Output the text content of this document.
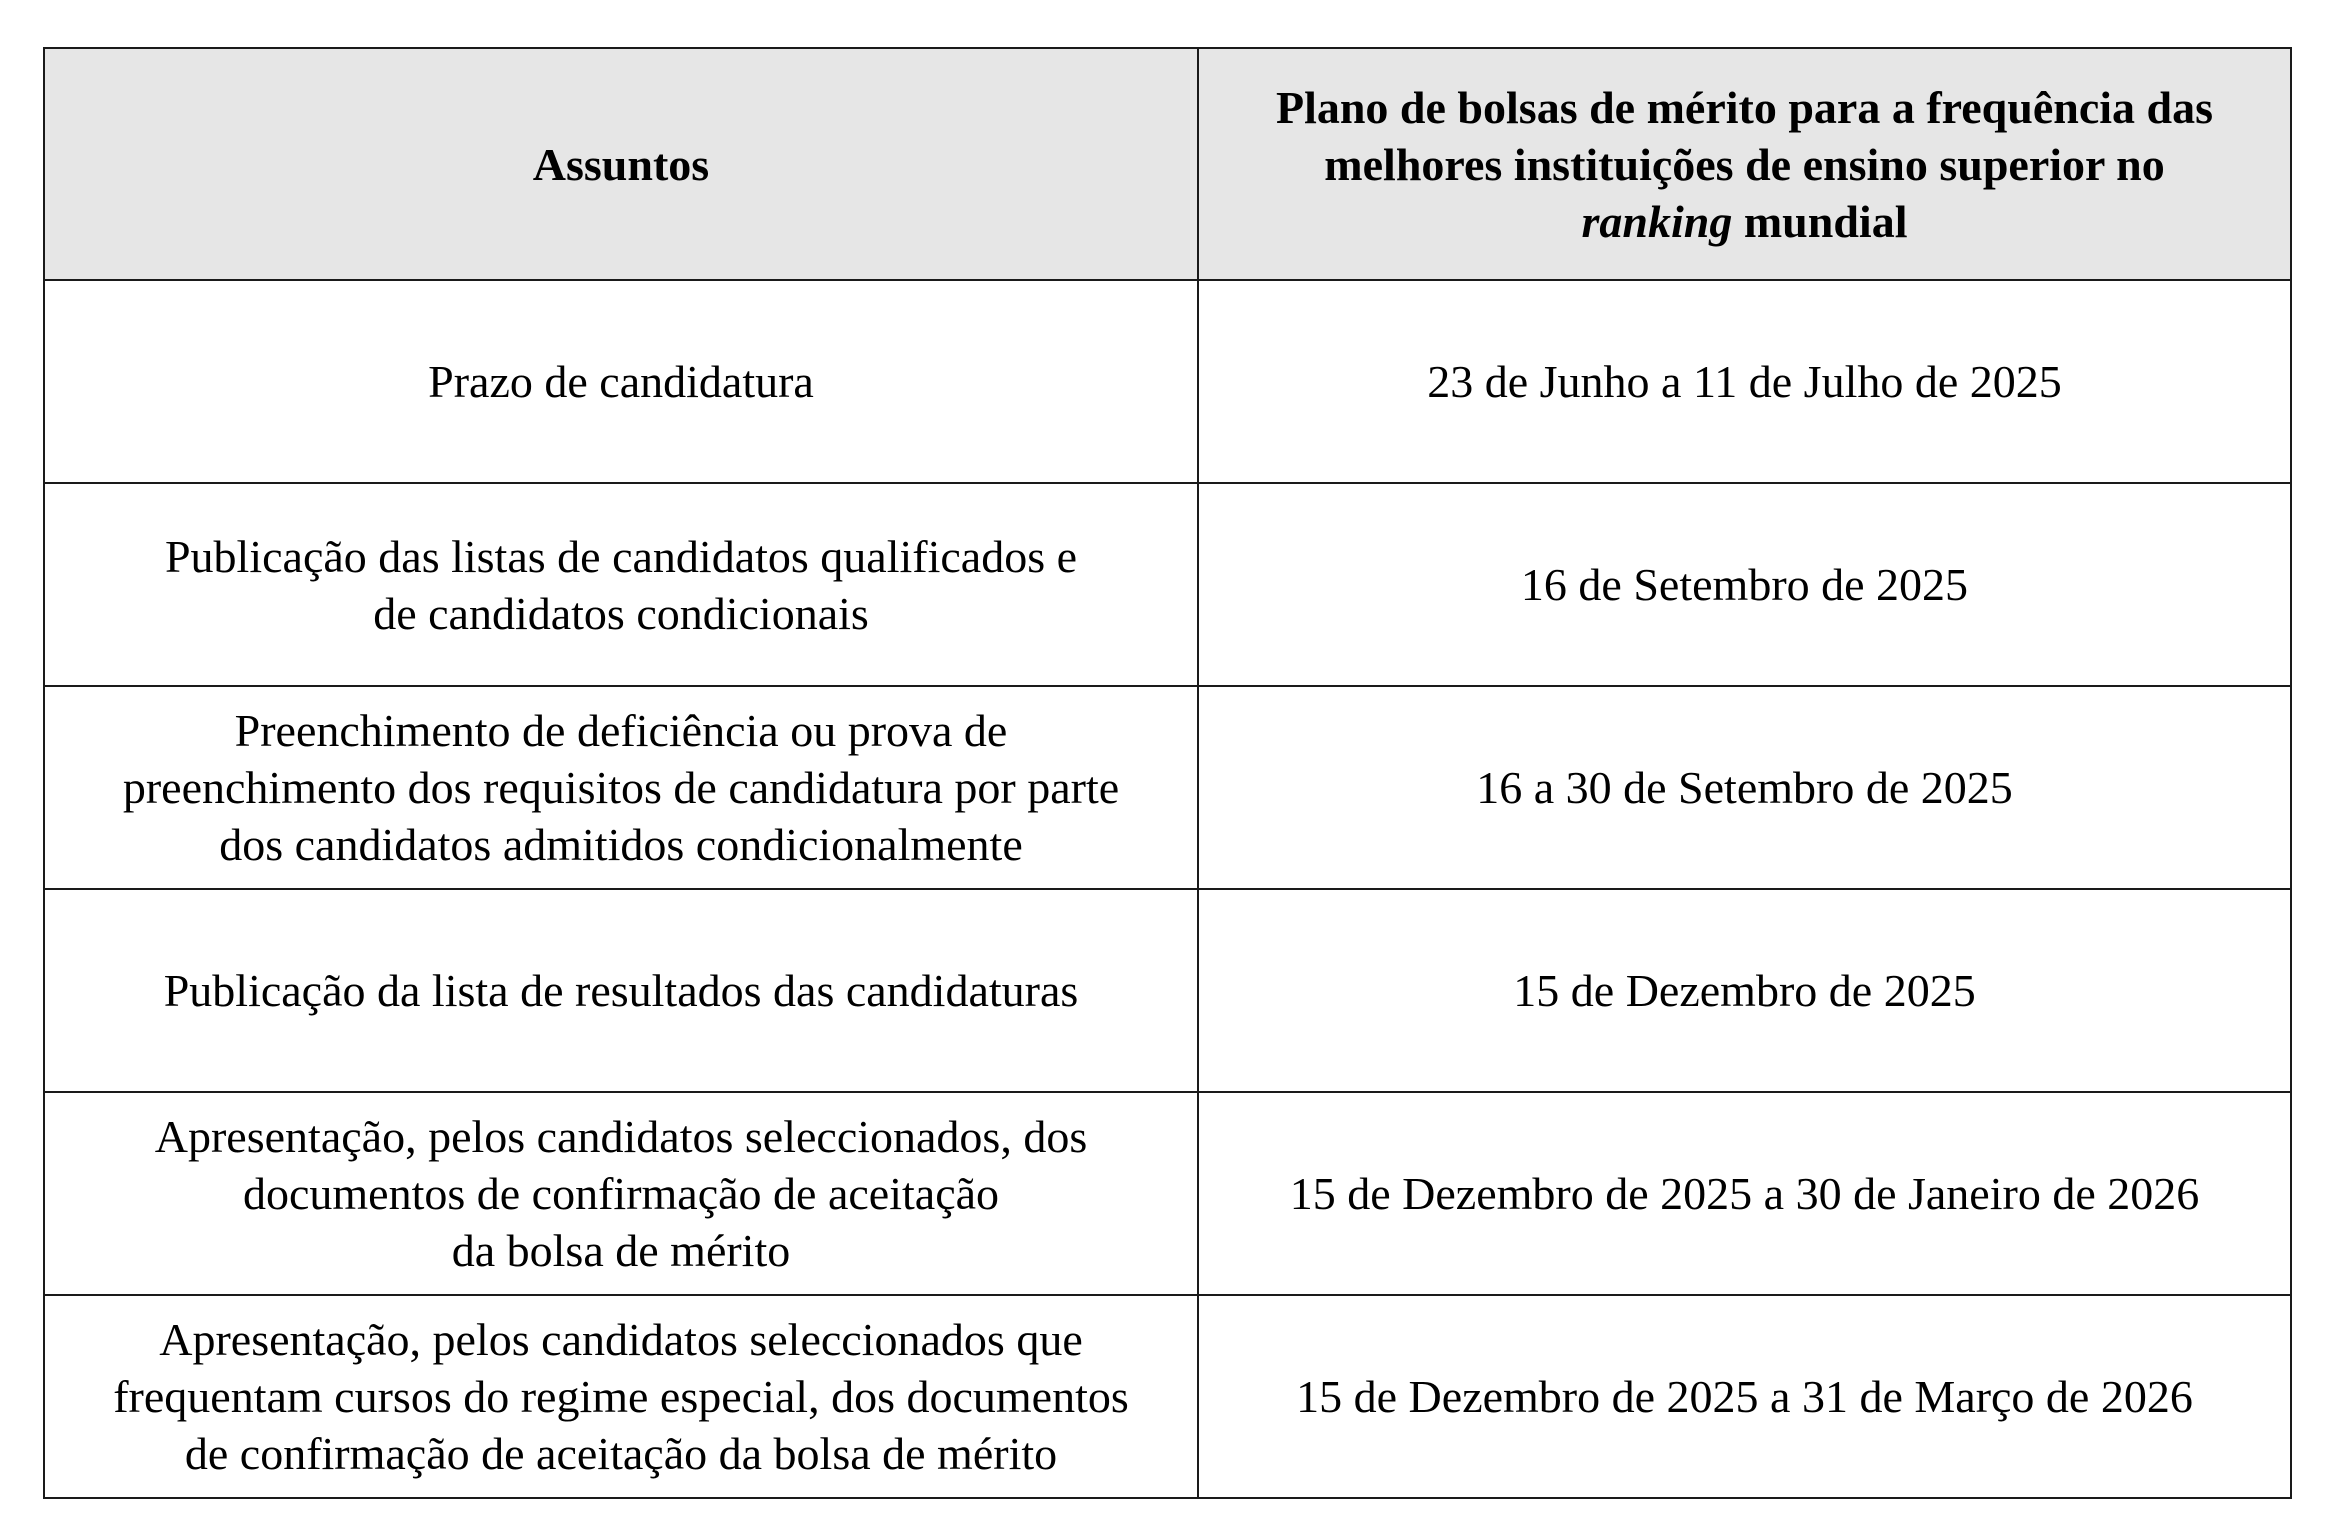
Assuntos	Plano de bolsas de mérito para a frequência das
melhores instituições de ensino superior no
ranking mundial

Prazo de candidatura	23 de Junho a 11 de Julho de 2025

Publicação das listas de candidatos qualificados e
de candidatos condicionais	16 de Setembro de 2025

Preenchimento de deficiência ou prova de
preenchimento dos requisitos de candidatura por parte
dos candidatos admitidos condicionalmente	16 a 30 de Setembro de 2025

Publicação da lista de resultados das candidaturas	15 de Dezembro de 2025

Apresentação, pelos candidatos seleccionados, dos
documentos de confirmação de aceitação
da bolsa de mérito	15 de Dezembro de 2025 a 30 de Janeiro de 2026

Apresentação, pelos candidatos seleccionados que
frequentam cursos do regime especial, dos documentos
de confirmação de aceitação da bolsa de mérito	15 de Dezembro de 2025 a 31 de Março de 2026
